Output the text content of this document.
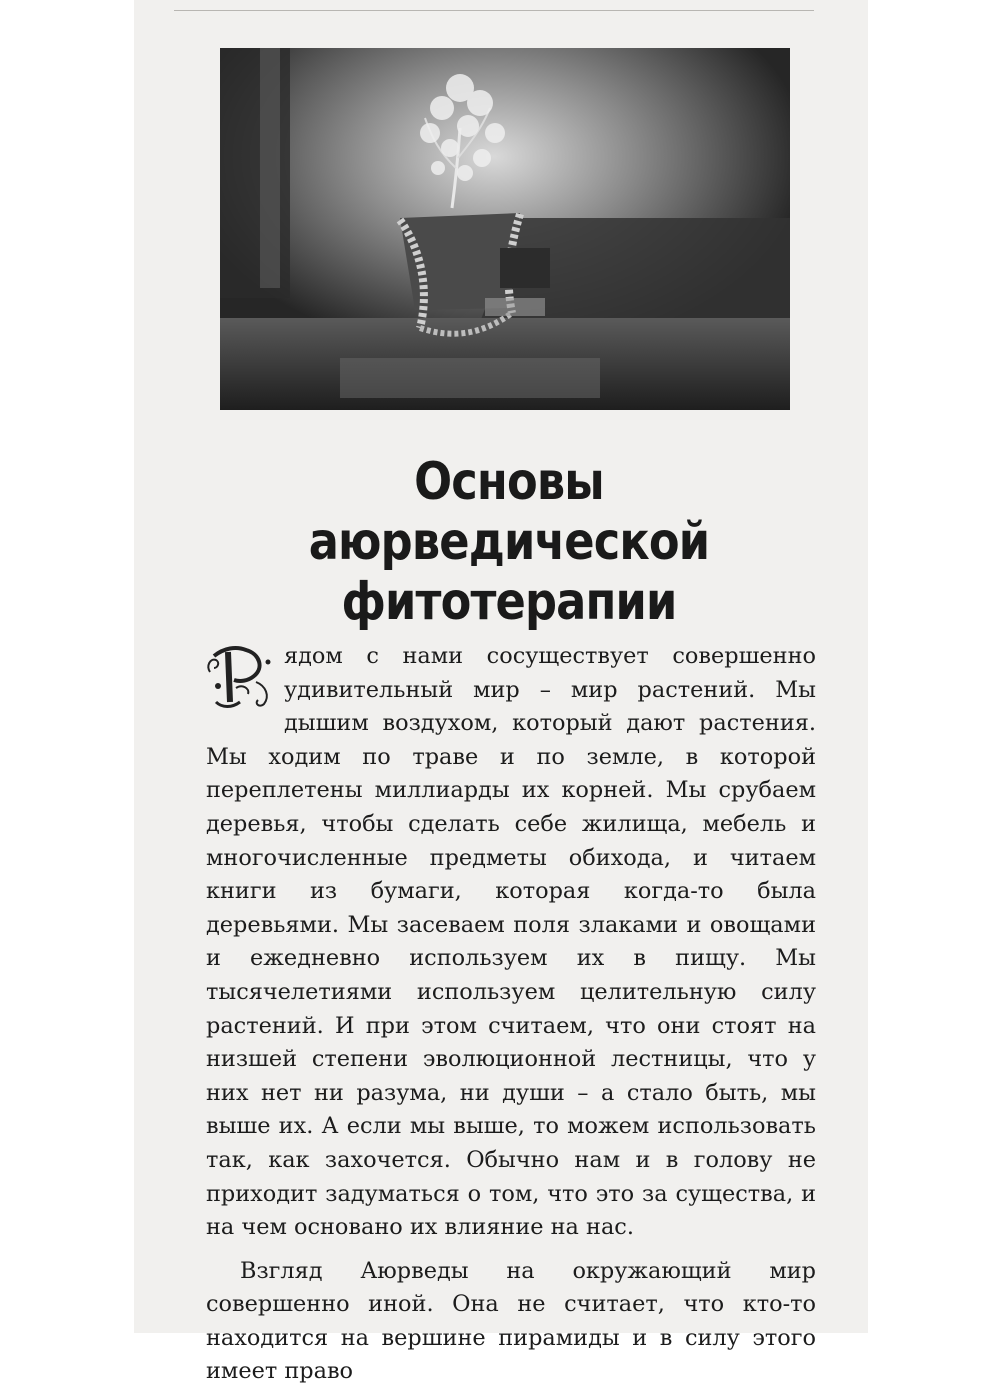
Основы аюрведической
фитотерапии

ядом с нами сосуществует совершенно удивительный мир – мир растений. Мы дышим воздухом, который дают растения. Мы ходим по траве и по земле, в которой переплетены миллиарды их корней. Мы срубаем деревья, чтобы сделать себе жилища, мебель и многочисленные предметы обихода, и читаем книги из бумаги, которая когда-то была деревьями. Мы засеваем поля злаками и овощами и ежедневно используем их в пищу. Мы тысячелетиями используем целительную силу растений. И при этом считаем, что они стоят на низшей степени эволюционной лестницы, что у них нет ни разума, ни души – а стало быть, мы выше их. А если мы выше, то можем использовать так, как захочется. Обычно нам и в голову не приходит задуматься о том, что это за существа, и на чем основано их влияние на нас.

Взгляд Аюрведы на окружающий мир совершенно иной. Она не считает, что кто-то находится на вершине пирамиды и в силу этого имеет право
